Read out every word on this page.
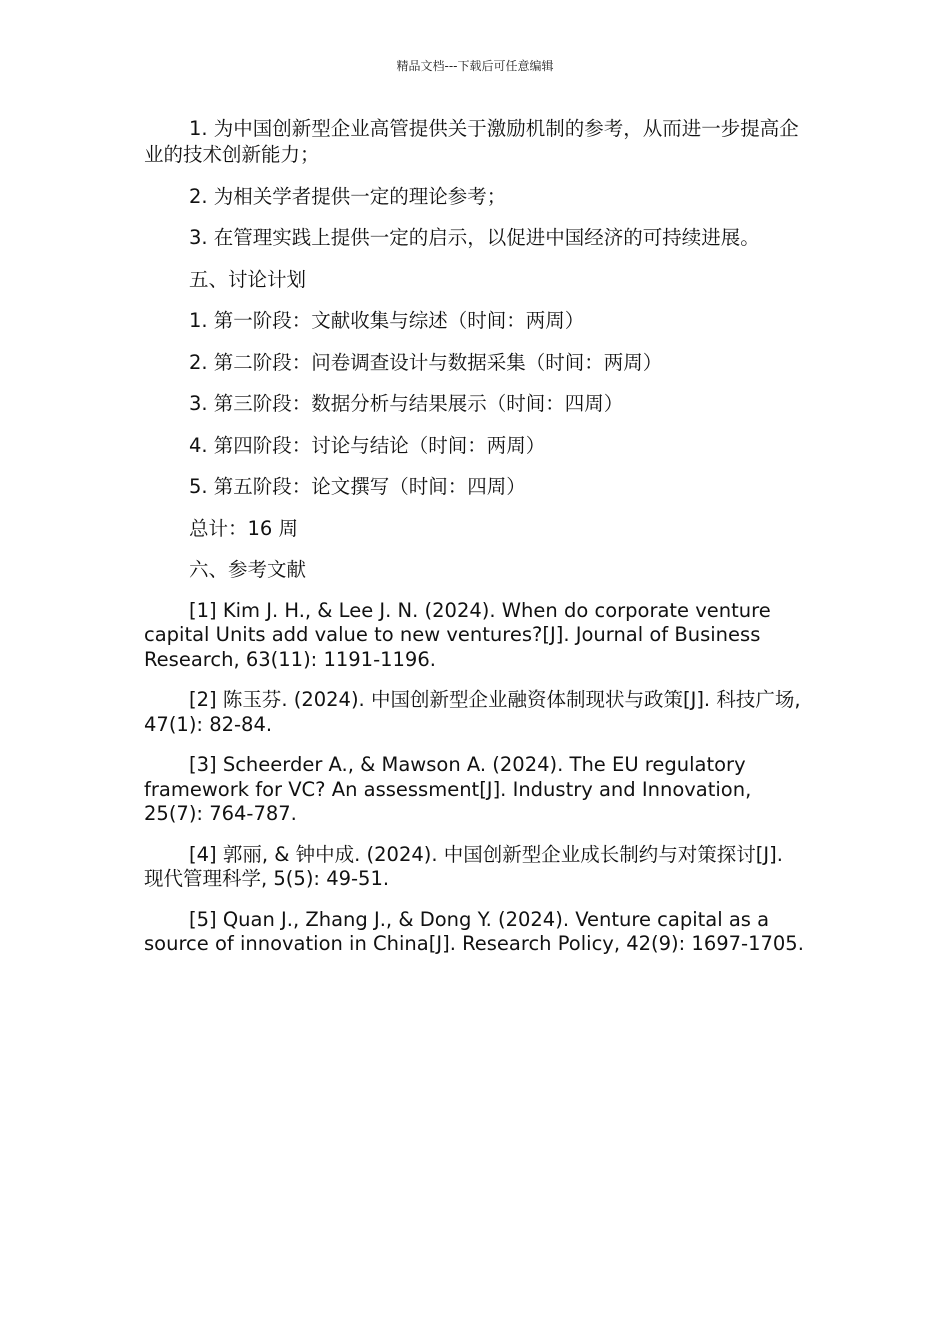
精品文档---下载后可任意编辑

1. 为中国创新型企业高管提供关于激励机制的参考，从而进一步提高企业的技术创新能力；

2. 为相关学者提供一定的理论参考；

3. 在管理实践上提供一定的启示，以促进中国经济的可持续进展。

五、讨论计划

1. 第一阶段：文献收集与综述（时间：两周）

2. 第二阶段：问卷调查设计与数据采集（时间：两周）

3. 第三阶段：数据分析与结果展示（时间：四周）

4. 第四阶段：讨论与结论（时间：两周）

5. 第五阶段：论文撰写（时间：四周）

总计：16 周

六、参考文献

[1] Kim J. H., & Lee J. N. (2024). When do corporate venture capital Units add value to new ventures?[J]. Journal of Business Research, 63(11): 1191-1196.

[2] 陈玉芬. (2024). 中国创新型企业融资体制现状与政策[J]. 科技广场, 47(1): 82-84.

[3] Scheerder A., & Mawson A. (2024). The EU regulatory framework for VC? An assessment[J]. Industry and Innovation, 25(7): 764-787.

[4] 郭丽, & 钟中成. (2024). 中国创新型企业成长制约与对策探讨[J]. 现代管理科学, 5(5): 49-51.

[5] Quan J., Zhang J., & Dong Y. (2024). Venture capital as a source of innovation in China[J]. Research Policy, 42(9): 1697-1705.
